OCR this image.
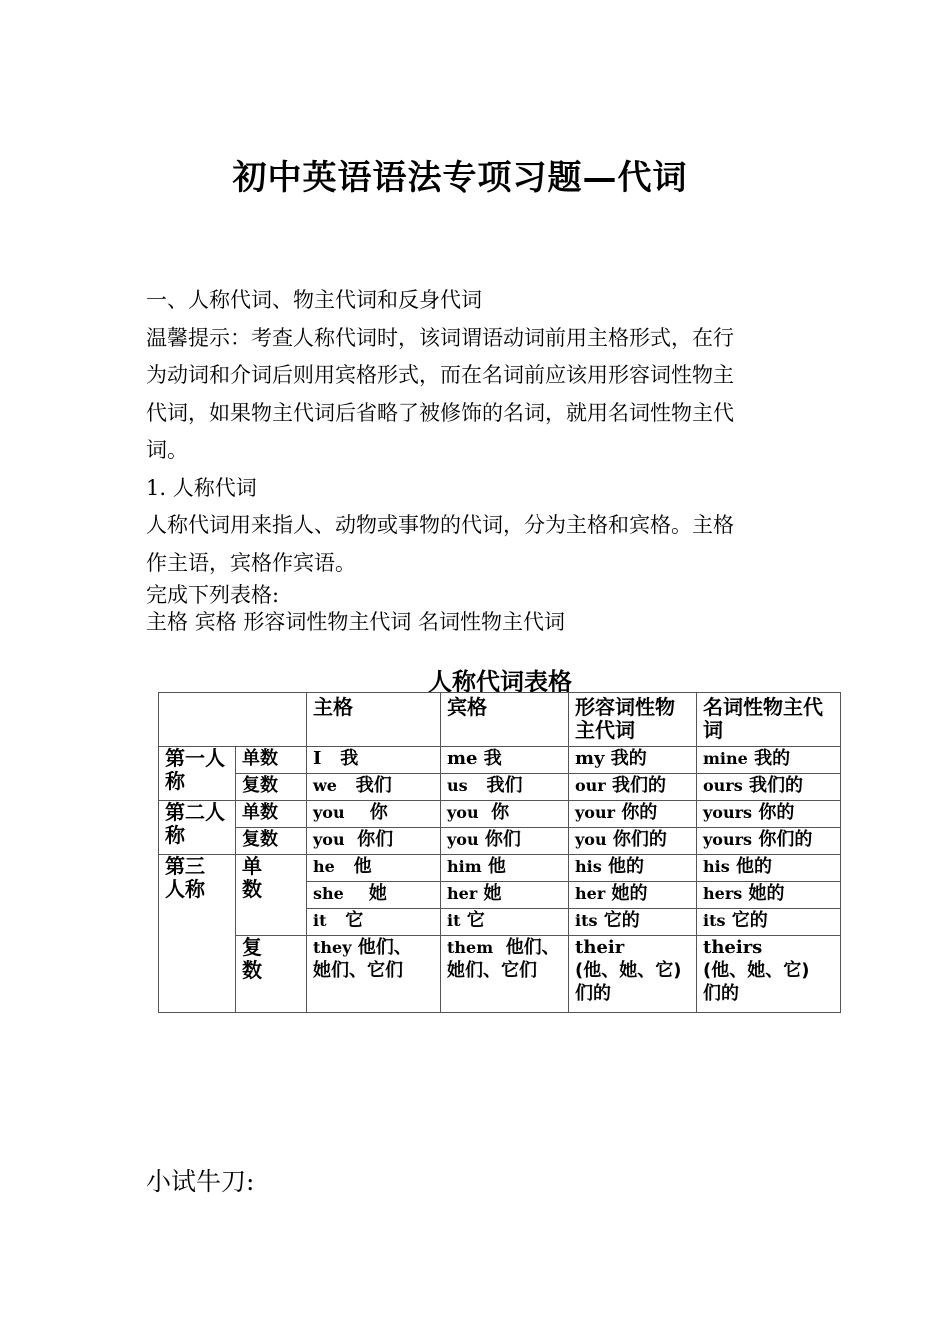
初中英语语法专项习题—代词
一、人称代词、物主代词和反身代词
温馨提示：考查人称代词时，该词谓语动词前用主格形式，在行
为动词和介词后则用宾格形式，而在名词前应该用形容词性物主
代词，如果物主代词后省略了被修饰的名词，就用名词性物主代
词。
1. 人称代词
人称代词用来指人、动物或事物的代词，分为主格和宾格。主格
作主语，宾格作宾语。
完成下列表格:
主格 宾格 形容词性物主代词 名词性物主代词
人称代词表格
		主格	宾格	形容词性物主代词	名词性物主代词
第一人称	单数	I 我	me 我	my 我的	mine 我的
	复数	we 我们	us 我们	our 我们的	ours 我们的
第二人称	单数	you 你	you 你	your 你的	yours 你的
	复数	you 你们	you 你们	you 你们的	yours 你们的
第三人称	单数	he 他	him 他	his 他的	his 他的
		she 她	her 她	her 她的	hers 她的
		it 它	it 它	its 它的	its 它的
	复数	they 他们、
她们、它们	them 他们、
她们、它们	their
(他、她、它)
们的	theirs
(他、她、它)
们的
小试牛刀:
